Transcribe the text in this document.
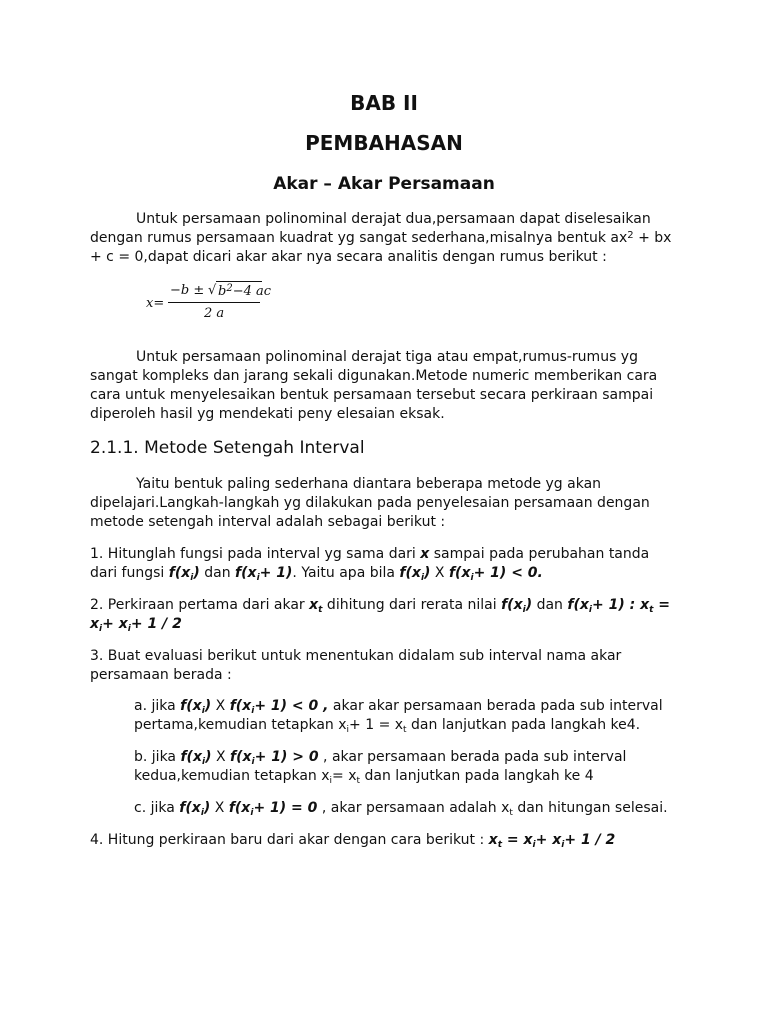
BAB II
PEMBAHASAN
Akar – Akar Persamaan
Untuk persamaan polinominal derajat dua,persamaan dapat diselesaikan dengan rumus persamaan kuadrat yg sangat sederhana,misalnya bentuk $ax^2$ + bx + c = 0,dapat dicari akar akar nya secara analitis dengan rumus berikut :
x=
−b ± √ $b^2-4$ ac
2 a
Untuk persamaan polinominal derajat tiga atau empat,rumus-rumus yg sangat kompleks dan jarang sekali digunakan.Metode numeric memberikan cara cara untuk menyelesaikan bentuk persamaan tersebut secara perkiraan sampai diperoleh hasil yg mendekati peny elesaian eksak.
2.1.1. Metode Setengah Interval
Yaitu bentuk paling sederhana diantara beberapa metode yg akan dipelajari.Langkah-langkah yg dilakukan pada penyelesaian persamaan dengan metode setengah interval adalah sebagai berikut :
1. Hitunglah fungsi pada interval yg sama dari x sampai pada perubahan tanda dari fungsi $f(x_i)$ dan $f(x_i+ 1)$. Yaitu apa bila $f(x_i)$ X $f(x_i+ 1) < 0$.
2. Perkiraan pertama dari akar $x_t$ dihitung dari rerata nilai $f(x_i)$ dan $f(x_i+ 1)$ : $x_t = x_i+ x_i+ 1 / 2$
3. Buat evaluasi berikut untuk menentukan didalam sub interval nama akar persamaan berada :
a. jika $f(x_i)$ X $f(x_i+ 1) < 0$ , akar akar persamaan berada pada sub interval pertama,kemudian tetapkan $x_i+ 1 = x_t$ dan lanjutkan pada langkah ke4.
b. jika $f(x_i)$ X $f(x_i+ 1) > 0$ , akar persamaan berada pada sub interval kedua,kemudian tetapkan $x_i= x_t$ dan lanjutkan pada langkah ke 4
c. jika $f(x_i)$ X $f(x_i+ 1) = 0$ , akar persamaan adalah $x_t$ dan hitungan selesai.
4. Hitung perkiraan baru dari akar dengan cara berikut : $x_t = x_i+ x_i+ 1 / 2$
